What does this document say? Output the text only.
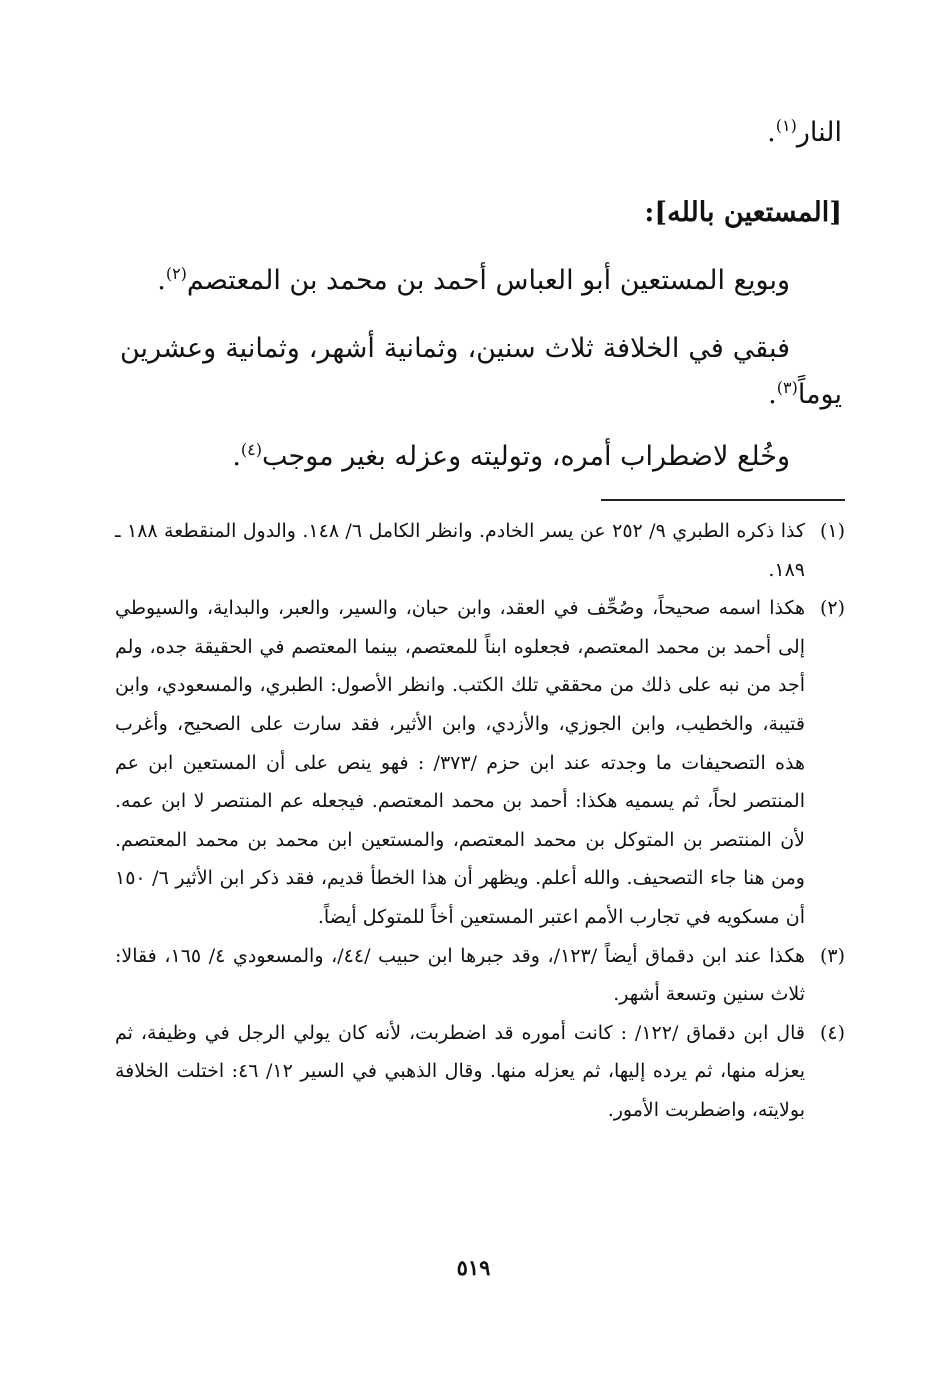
النار$^{(١)}$.

[المستعين بالله]:

وبويع المستعين أبو العباس أحمد بن محمد بن المعتصم$^{(٢)}$.

فبقي في الخلافة ثلاث سنين، وثمانية أشهر، وثمانية وعشرين يوماً$^{(٣)}$.

وخُلع لاضطراب أمره، وتوليته وعزله بغير موجب$^{(٤)}$.

(١)
كذا ذكره الطبري ٩/ ٢٥٢ عن يسر الخادم. وانظر الكامل ٦/ ١٤٨. والدول المنقطعة ١٨٨ ـ ١٨٩.
(٢)
هكذا اسمه صحيحاً، وصُحِّف في العقد، وابن حبان، والسير، والعبر، والبداية، والسيوطي إلى أحمد بن محمد المعتصم، فجعلوه ابناً للمعتصم، بينما المعتصم في الحقيقة جده، ولم أجد من نبه على ذلك من محققي تلك الكتب. وانظر الأصول: الطبري، والمسعودي، وابن قتيبة، والخطيب، وابن الجوزي، والأزدي، وابن الأثير، فقد سارت على الصحيح، وأغرب هذه التصحيفات ما وجدته عند ابن حزم /٣٧٣/ : فهو ينص على أن المستعين ابن عم المنتصر لحاً، ثم يسميه هكذا: أحمد بن محمد المعتصم. فيجعله عم المنتصر لا ابن عمه. لأن المنتصر بن المتوكل بن محمد المعتصم، والمستعين ابن محمد بن محمد المعتصم. ومن هنا جاء التصحيف. والله أعلم. ويظهر أن هذا الخطأ قديم، فقد ذكر ابن الأثير ٦/ ١٥٠ أن مسكويه في تجارب الأمم اعتبر المستعين أخاً للمتوكل أيضاً.
(٣)
هكذا عند ابن دقماق أيضاً /١٢٣/، وقد جبرها ابن حبيب /٤٤/، والمسعودي ٤/ ١٦٥، فقالا: ثلاث سنين وتسعة أشهر.
(٤)
قال ابن دقماق /١٢٢/ : كانت أموره قد اضطربت، لأنه كان يولي الرجل في وظيفة، ثم يعزله منها، ثم يرده إليها، ثم يعزله منها. وقال الذهبي في السير ١٢/ ٤٦: اختلت الخلافة بولايته، واضطربت الأمور.
٥١٩
